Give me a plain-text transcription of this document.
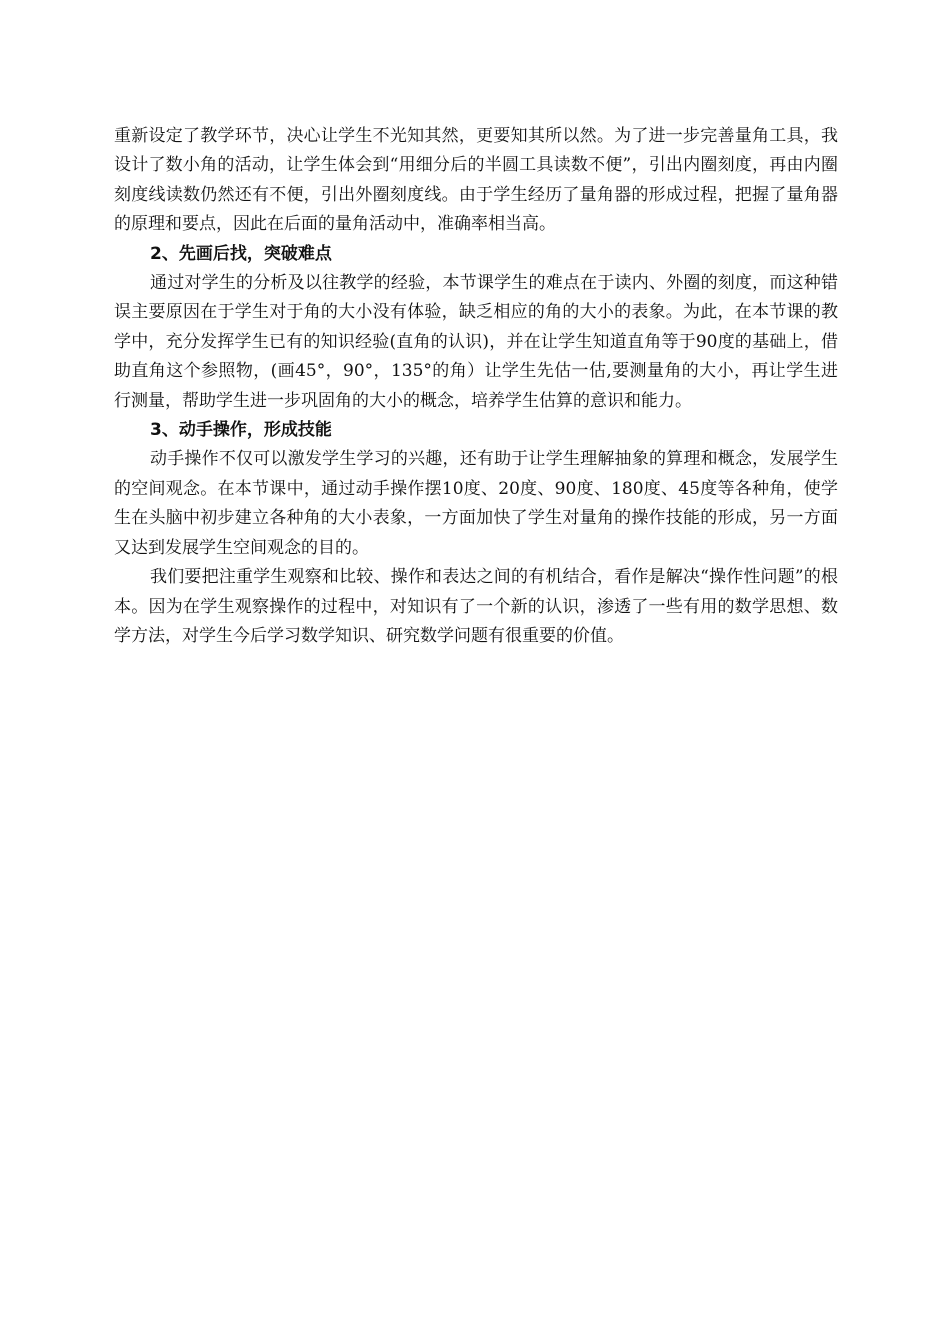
重新设定了教学环节，决心让学生不光知其然，更要知其所以然。为了进一步完善量角工具，我设计了数小角的活动，让学生体会到“用细分后的半圆工具读数不便”，引出内圈刻度，再由内圈刻度线读数仍然还有不便，引出外圈刻度线。由于学生经历了量角器的形成过程，把握了量角器的原理和要点，因此在后面的量角活动中，准确率相当高。

2、先画后找，突破难点

通过对学生的分析及以往教学的经验，本节课学生的难点在于读内、外圈的刻度，而这种错误主要原因在于学生对于角的大小没有体验，缺乏相应的角的大小的表象。为此，在本节课的教学中，充分发挥学生已有的知识经验(直角的认识)，并在让学生知道直角等于90度的基础上，借助直角这个参照物，(画45°，90°，135°的角）让学生先估一估,要测量角的大小，再让学生进行测量，帮助学生进一步巩固角的大小的概念，培养学生估算的意识和能力。

3、动手操作，形成技能

动手操作不仅可以激发学生学习的兴趣，还有助于让学生理解抽象的算理和概念，发展学生的空间观念。在本节课中，通过动手操作摆10度、20度、90度、180度、45度等各种角，使学生在头脑中初步建立各种角的大小表象，一方面加快了学生对量角的操作技能的形成，另一方面又达到发展学生空间观念的目的。

我们要把注重学生观察和比较、操作和表达之间的有机结合，看作是解决“操作性问题”的根本。因为在学生观察操作的过程中，对知识有了一个新的认识，渗透了一些有用的数学思想、数学方法，对学生今后学习数学知识、研究数学问题有很重要的价值。
